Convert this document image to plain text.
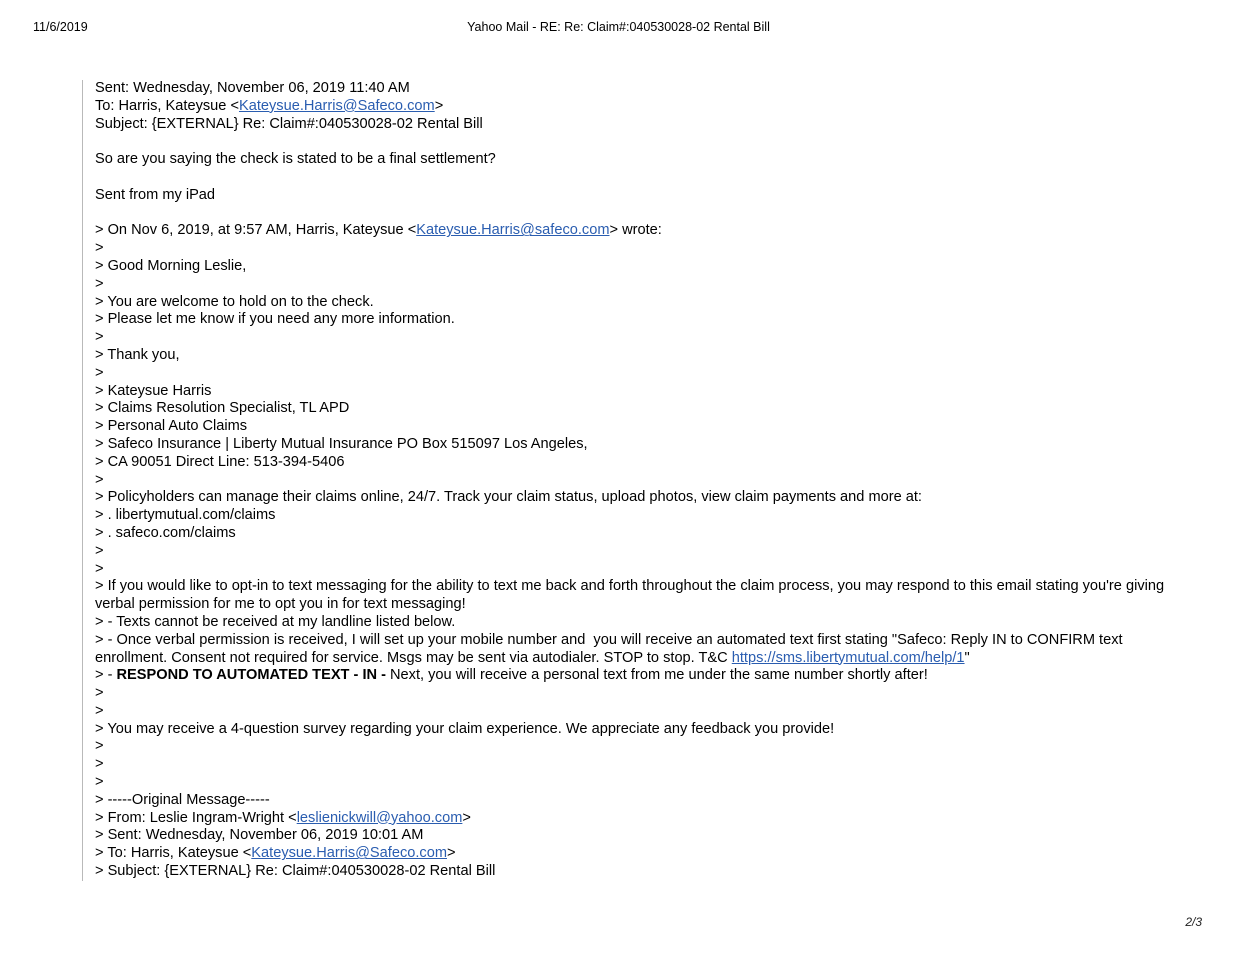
11/6/2019	Yahoo Mail - RE: Re: Claim#:040530028-02 Rental Bill
Sent: Wednesday, November 06, 2019 11:40 AM
To: Harris, Kateysue <Kateysue.Harris@Safeco.com>
Subject: {EXTERNAL} Re: Claim#:040530028-02 Rental Bill

So are you saying the check is stated to be a final settlement?

Sent from my iPad

> On Nov 6, 2019, at 9:57 AM, Harris, Kateysue <Kateysue.Harris@safeco.com> wrote:
>
> Good Morning Leslie,
>
> You are welcome to hold on to the check.
> Please let me know if you need any more information.
>
> Thank you,
>
> Kateysue Harris
> Claims Resolution Specialist, TL APD
> Personal Auto Claims
> Safeco Insurance | Liberty Mutual Insurance PO Box 515097 Los Angeles,
> CA 90051 Direct Line: 513-394-5406
>
> Policyholders can manage their claims online, 24/7. Track your claim status, upload photos, view claim payments and more at:
> . libertymutual.com/claims
> . safeco.com/claims
>
>
> If you would like to opt-in to text messaging for the ability to text me back and forth throughout the claim process, you may respond to this email stating you're giving verbal permission for me to opt you in for text messaging!
> - Texts cannot be received at my landline listed below.
> - Once verbal permission is received, I will set up your mobile number and  you will receive an automated text first stating "Safeco: Reply IN to CONFIRM text enrollment. Consent not required for service. Msgs may be sent via autodialer. STOP to stop. T&C https://sms.libertymutual.com/help/1"
> - RESPOND TO AUTOMATED TEXT - IN - Next, you will receive a personal text from me under the same number shortly after!
>
>
> You may receive a 4-question survey regarding your claim experience. We appreciate any feedback you provide!
>
>
>
> -----Original Message-----
> From: Leslie Ingram-Wright <leslienickwill@yahoo.com>
> Sent: Wednesday, November 06, 2019 10:01 AM
> To: Harris, Kateysue <Kateysue.Harris@Safeco.com>
> Subject: {EXTERNAL} Re: Claim#:040530028-02 Rental Bill
2/3
